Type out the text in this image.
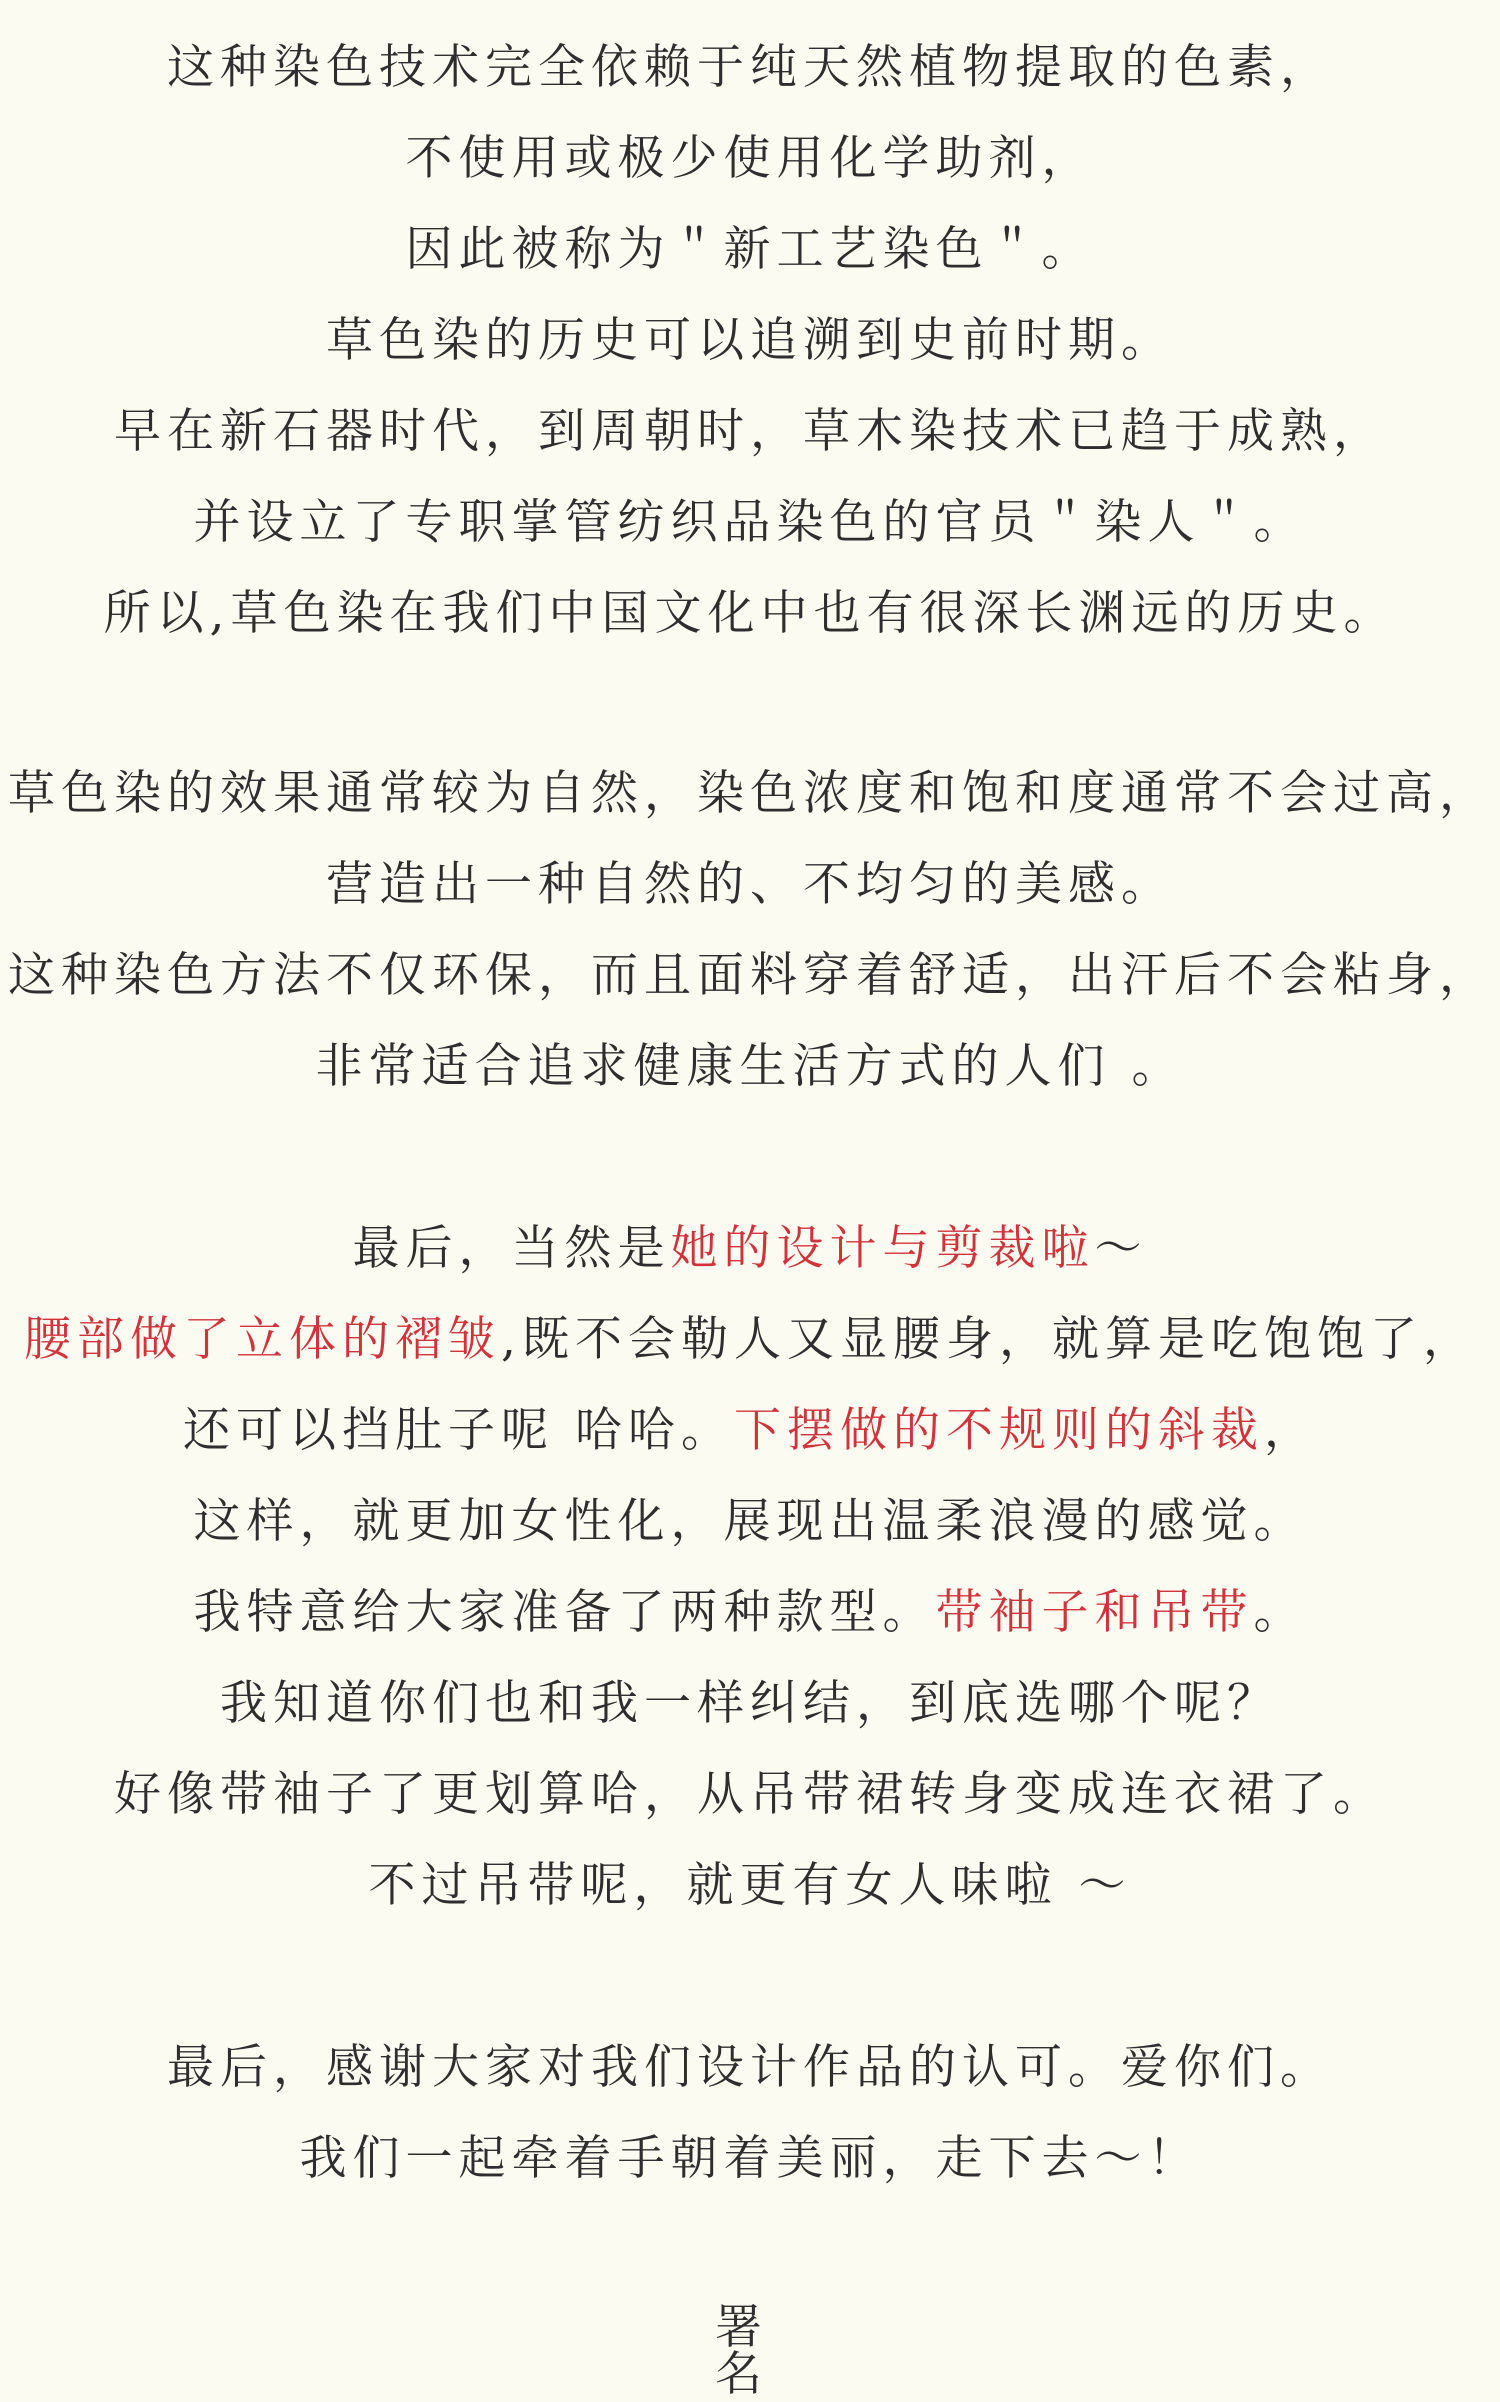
这种染色技术完全依赖于纯天然植物提取的色素，
不使用或极少使用化学助剂，
因此被称为＂新工艺染色＂。
草色染的历史可以追溯到史前时期。
早在新石器时代，到周朝时，草木染技术已趋于成熟，
并设立了专职掌管纺织品染色的官员＂染人＂。
所以,草色染在我们中国文化中也有很深长渊远的历史。
草色染的效果通常较为自然，染色浓度和饱和度通常不会过高，
营造出一种自然的、不均匀的美感。
这种染色方法不仅环保，而且面料穿着舒适，出汗后不会粘身，
非常适合追求健康生活方式的人们 。
最后，当然是她的设计与剪裁啦～
腰部做了立体的褶皱,既不会勒人又显腰身，就算是吃饱饱了，
还可以挡肚子呢 哈哈。下摆做的不规则的斜裁，
这样，就更加女性化，展现出温柔浪漫的感觉。
我特意给大家准备了两种款型。带袖子和吊带。
我知道你们也和我一样纠结，到底选哪个呢？
好像带袖子了更划算哈，从吊带裙转身变成连衣裙了。
不过吊带呢，就更有女人味啦 ～
最后，感谢大家对我们设计作品的认可。爱你们。
我们一起牵着手朝着美丽，走下去～！
署名
